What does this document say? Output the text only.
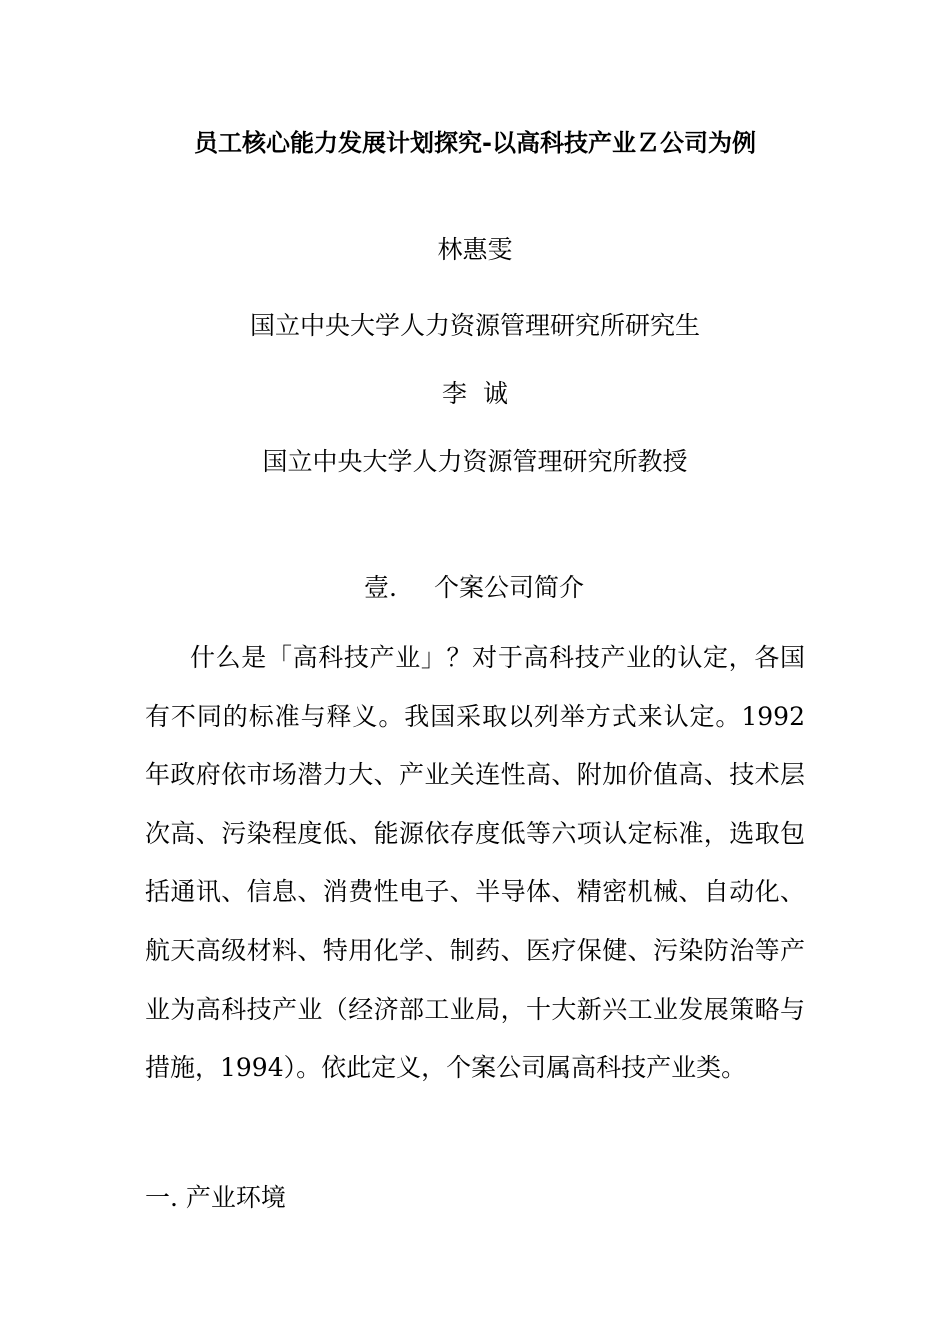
员工核心能力发展计划探究-以高科技产业Ｚ公司为例
林惠雯
国立中央大学人力资源管理研究所研究生
李  诚
国立中央大学人力资源管理研究所教授
壹. 个案公司简介

什么是「高科技产业」？对于高科技产业的认定，各国有不同的标准与释义。我国采取以列举方式来认定。1992年政府依市场潜力大、产业关连性高、附加价值高、技术层次高、污染程度低、能源依存度低等六项认定标准，选取包括通讯、信息、消费性电子、半导体、精密机械、自动化、航天高级材料、特用化学、制药、医疗保健、污染防治等产业为高科技产业（经济部工业局，十大新兴工业发展策略与措施，1994）。依此定义，个案公司属高科技产业类。

一. 产业环境
